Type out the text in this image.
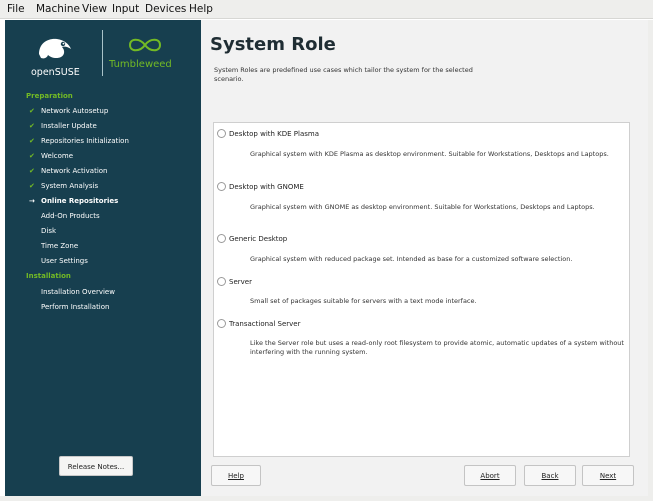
File Machine View Input Devices Help
openSUSE
Tumbleweed
Preparation
✔ Network Autosetup
✔ Installer Update
✔ Repositories Initialization
✔ Welcome
✔ Network Activation
✔ System Analysis
→ Online Repositories
Add-On Products
Disk
Time Zone
User Settings
Installation
Installation Overview
Perform Installation
Release Notes...
System Role
System Roles are predefined use cases which tailor the system for the selected scenario.
Desktop with KDE Plasma
Graphical system with KDE Plasma as desktop environment. Suitable for Workstations, Desktops and Laptops.
Desktop with GNOME
Graphical system with GNOME as desktop environment. Suitable for Workstations, Desktops and Laptops.
Generic Desktop
Graphical system with reduced package set. Intended as base for a customized software selection.
Server
Small set of packages suitable for servers with a text mode interface.
Transactional Server
Like the Server role but uses a read-only root filesystem to provide atomic, automatic updates of a system without interfering with the running system.
Help	Abort	Back	Next
